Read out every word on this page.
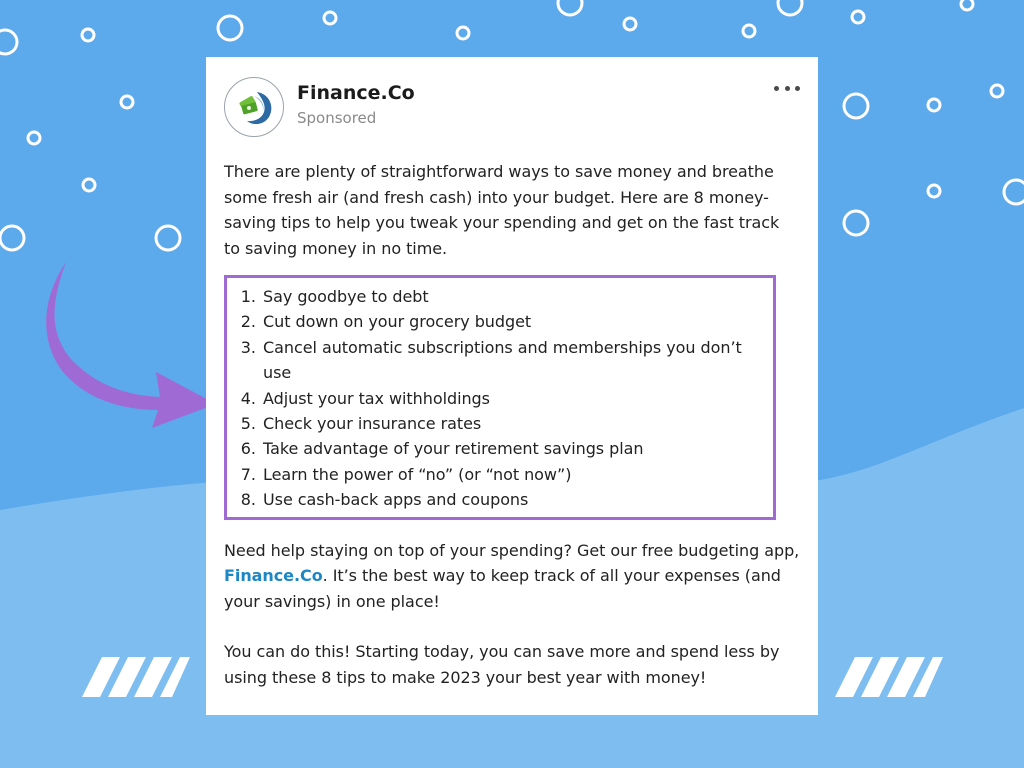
Finance.Co
Sponsored

There are plenty of straightforward ways to save money and breathe some fresh air (and fresh cash) into your budget. Here are 8 money-saving tips to help you tweak your spending and get on the fast track to saving money in no time.

1. Say goodbye to debt
2. Cut down on your grocery budget
3. Cancel automatic subscriptions and memberships you don’t use
4. Adjust your tax withholdings
5. Check your insurance rates
6. Take advantage of your retirement savings plan
7. Learn the power of “no” (or “not now”)
8. Use cash-back apps and coupons

Need help staying on top of your spending? Get our free budgeting app, Finance.Co. It’s the best way to keep track of all your expenses (and your savings) in one place!

You can do this! Starting today, you can save more and spend less by using these 8 tips to make 2023 your best year with money!
